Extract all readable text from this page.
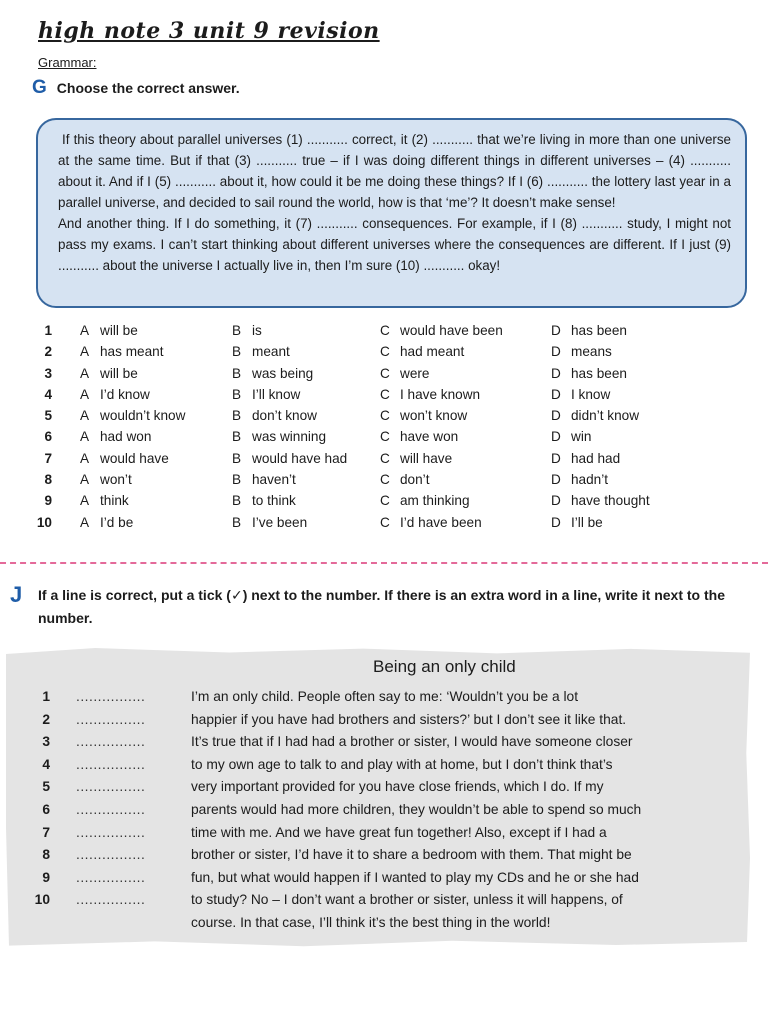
high note 3 unit 9 revision
Grammar:
G Choose the correct answer.

If this theory about parallel universes (1) ........... correct, it (2) ........... that we’re living in more than one universe at the same time. But if that (3) ........... true – if I was doing different things in different universes – (4) ........... about it. And if I (5) ........... about it, how could it be me doing these things? If I (6) ........... the lottery last year in a parallel universe, and decided to sail round the world, how is that ‘me’? It doesn’t make sense!

And another thing. If I do something, it (7) ........... consequences. For example, if I (8) ........... study, I might not pass my exams. I can’t start thinking about different universes where the consequences are different. If I just (9) ........... about the universe I actually live in, then I’m sure (10) ........... okay!

1 A will be	B is	C would have been	D has been
2 A has meant	B meant	C had meant	D means
3 A will be	B was being	C were	D has been
4 A I’d know	B I’ll know	C I have known	D I know
5 A wouldn’t know	B don’t know	C won’t know	D didn’t know
6 A had won	B was winning	C have won	D win
7 A would have	B would have had C will have	D had had
8 A won’t	B haven’t	C don’t	D hadn’t
9 A think	B to think	C am thinking	D have thought
10 A I’d be	B I’ve been	C I’d have been	D I’ll be
J If a line is correct, put a tick (✓) next to the number. If there is an extra word in a line, write it next to the number.
Being an only child
1 ................	I’m an only child. People often say to me: ‘Wouldn’t you be a lot
2 ................	happier if you have had brothers and sisters?’ but I don’t see it like that.
3 ................	It’s true that if I had had a brother or sister, I would have someone closer
4 ................	to my own age to talk to and play with at home, but I don’t think that’s
5 ................	very important provided for you have close friends, which I do. If my
6 ................	parents would had more children, they wouldn’t be able to spend so much
7 ................	time with me. And we have great fun together! Also, except if I had a
8 ................	brother or sister, I’d have it to share a bedroom with them. That might be
9 ................	fun, but what would happen if I wanted to play my CDs and he or she had
10 ................	to study? No – I don’t want a brother or sister, unless it will happens, of
course. In that case, I’ll think it’s the best thing in the world!
